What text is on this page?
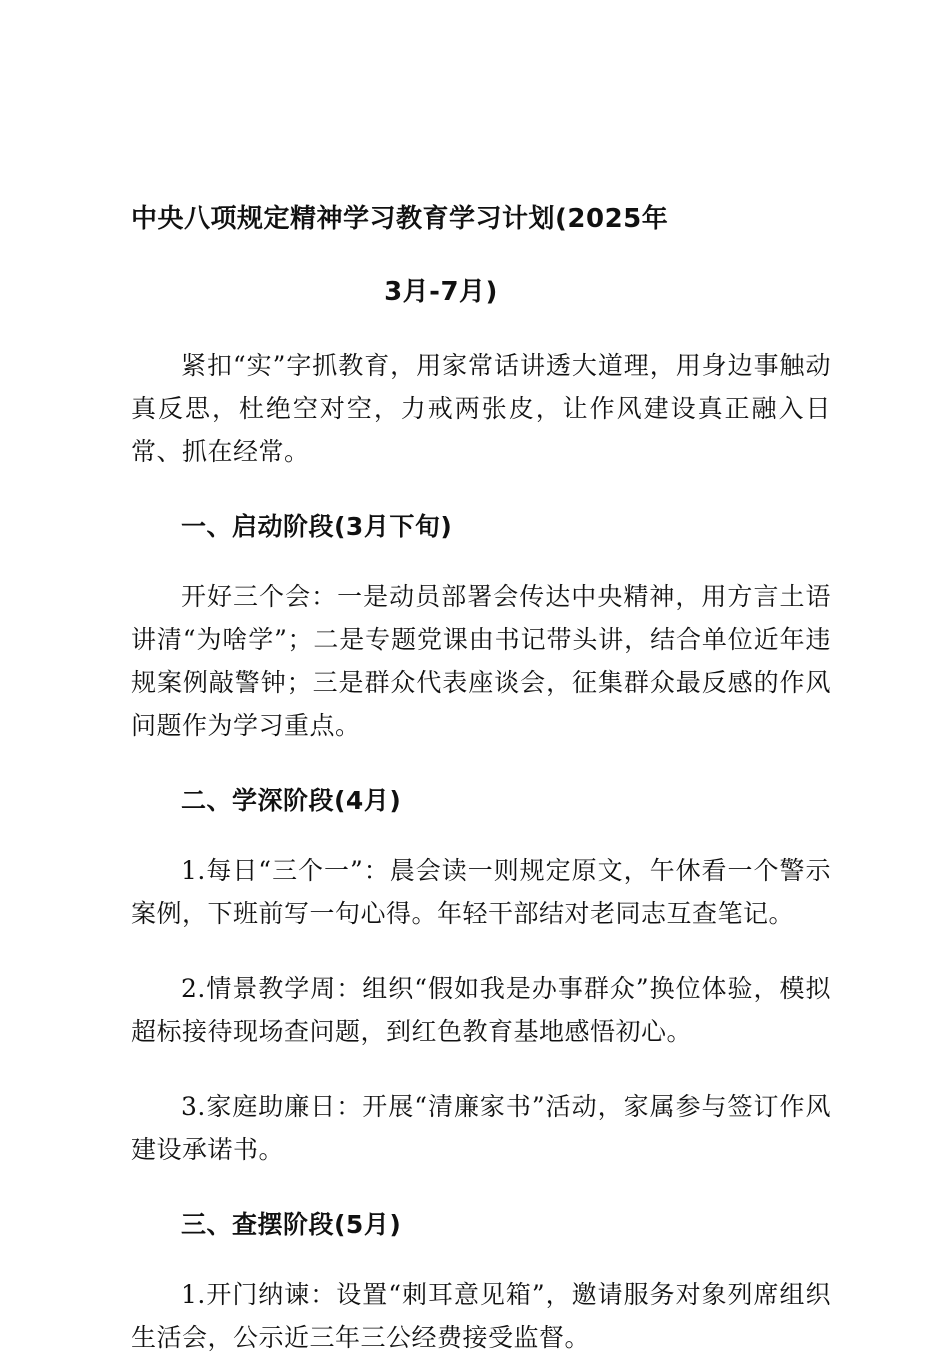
中央八项规定精神学习教育学习计划(2025年
3月-7月)

紧扣“实”字抓教育，用家常话讲透大道理，用身边事触动真反思，杜绝空对空，力戒两张皮，让作风建设真正融入日常、抓在经常。

一、启动阶段(3月下旬)

开好三个会：一是动员部署会传达中央精神，用方言土语讲清“为啥学”；二是专题党课由书记带头讲，结合单位近年违规案例敲警钟；三是群众代表座谈会，征集群众最反感的作风问题作为学习重点。

二、学深阶段(4月)

1.每日“三个一”：晨会读一则规定原文，午休看一个警示案例，下班前写一句心得。年轻干部结对老同志互查笔记。

2.情景教学周：组织“假如我是办事群众”换位体验，模拟超标接待现场查问题，到红色教育基地感悟初心。

3.家庭助廉日：开展“清廉家书”活动，家属参与签订作风建设承诺书。

三、查摆阶段(5月)

1.开门纳谏：设置“刺耳意见箱”，邀请服务对象列席组织生活会，公示近三年三公经费接受监督。
